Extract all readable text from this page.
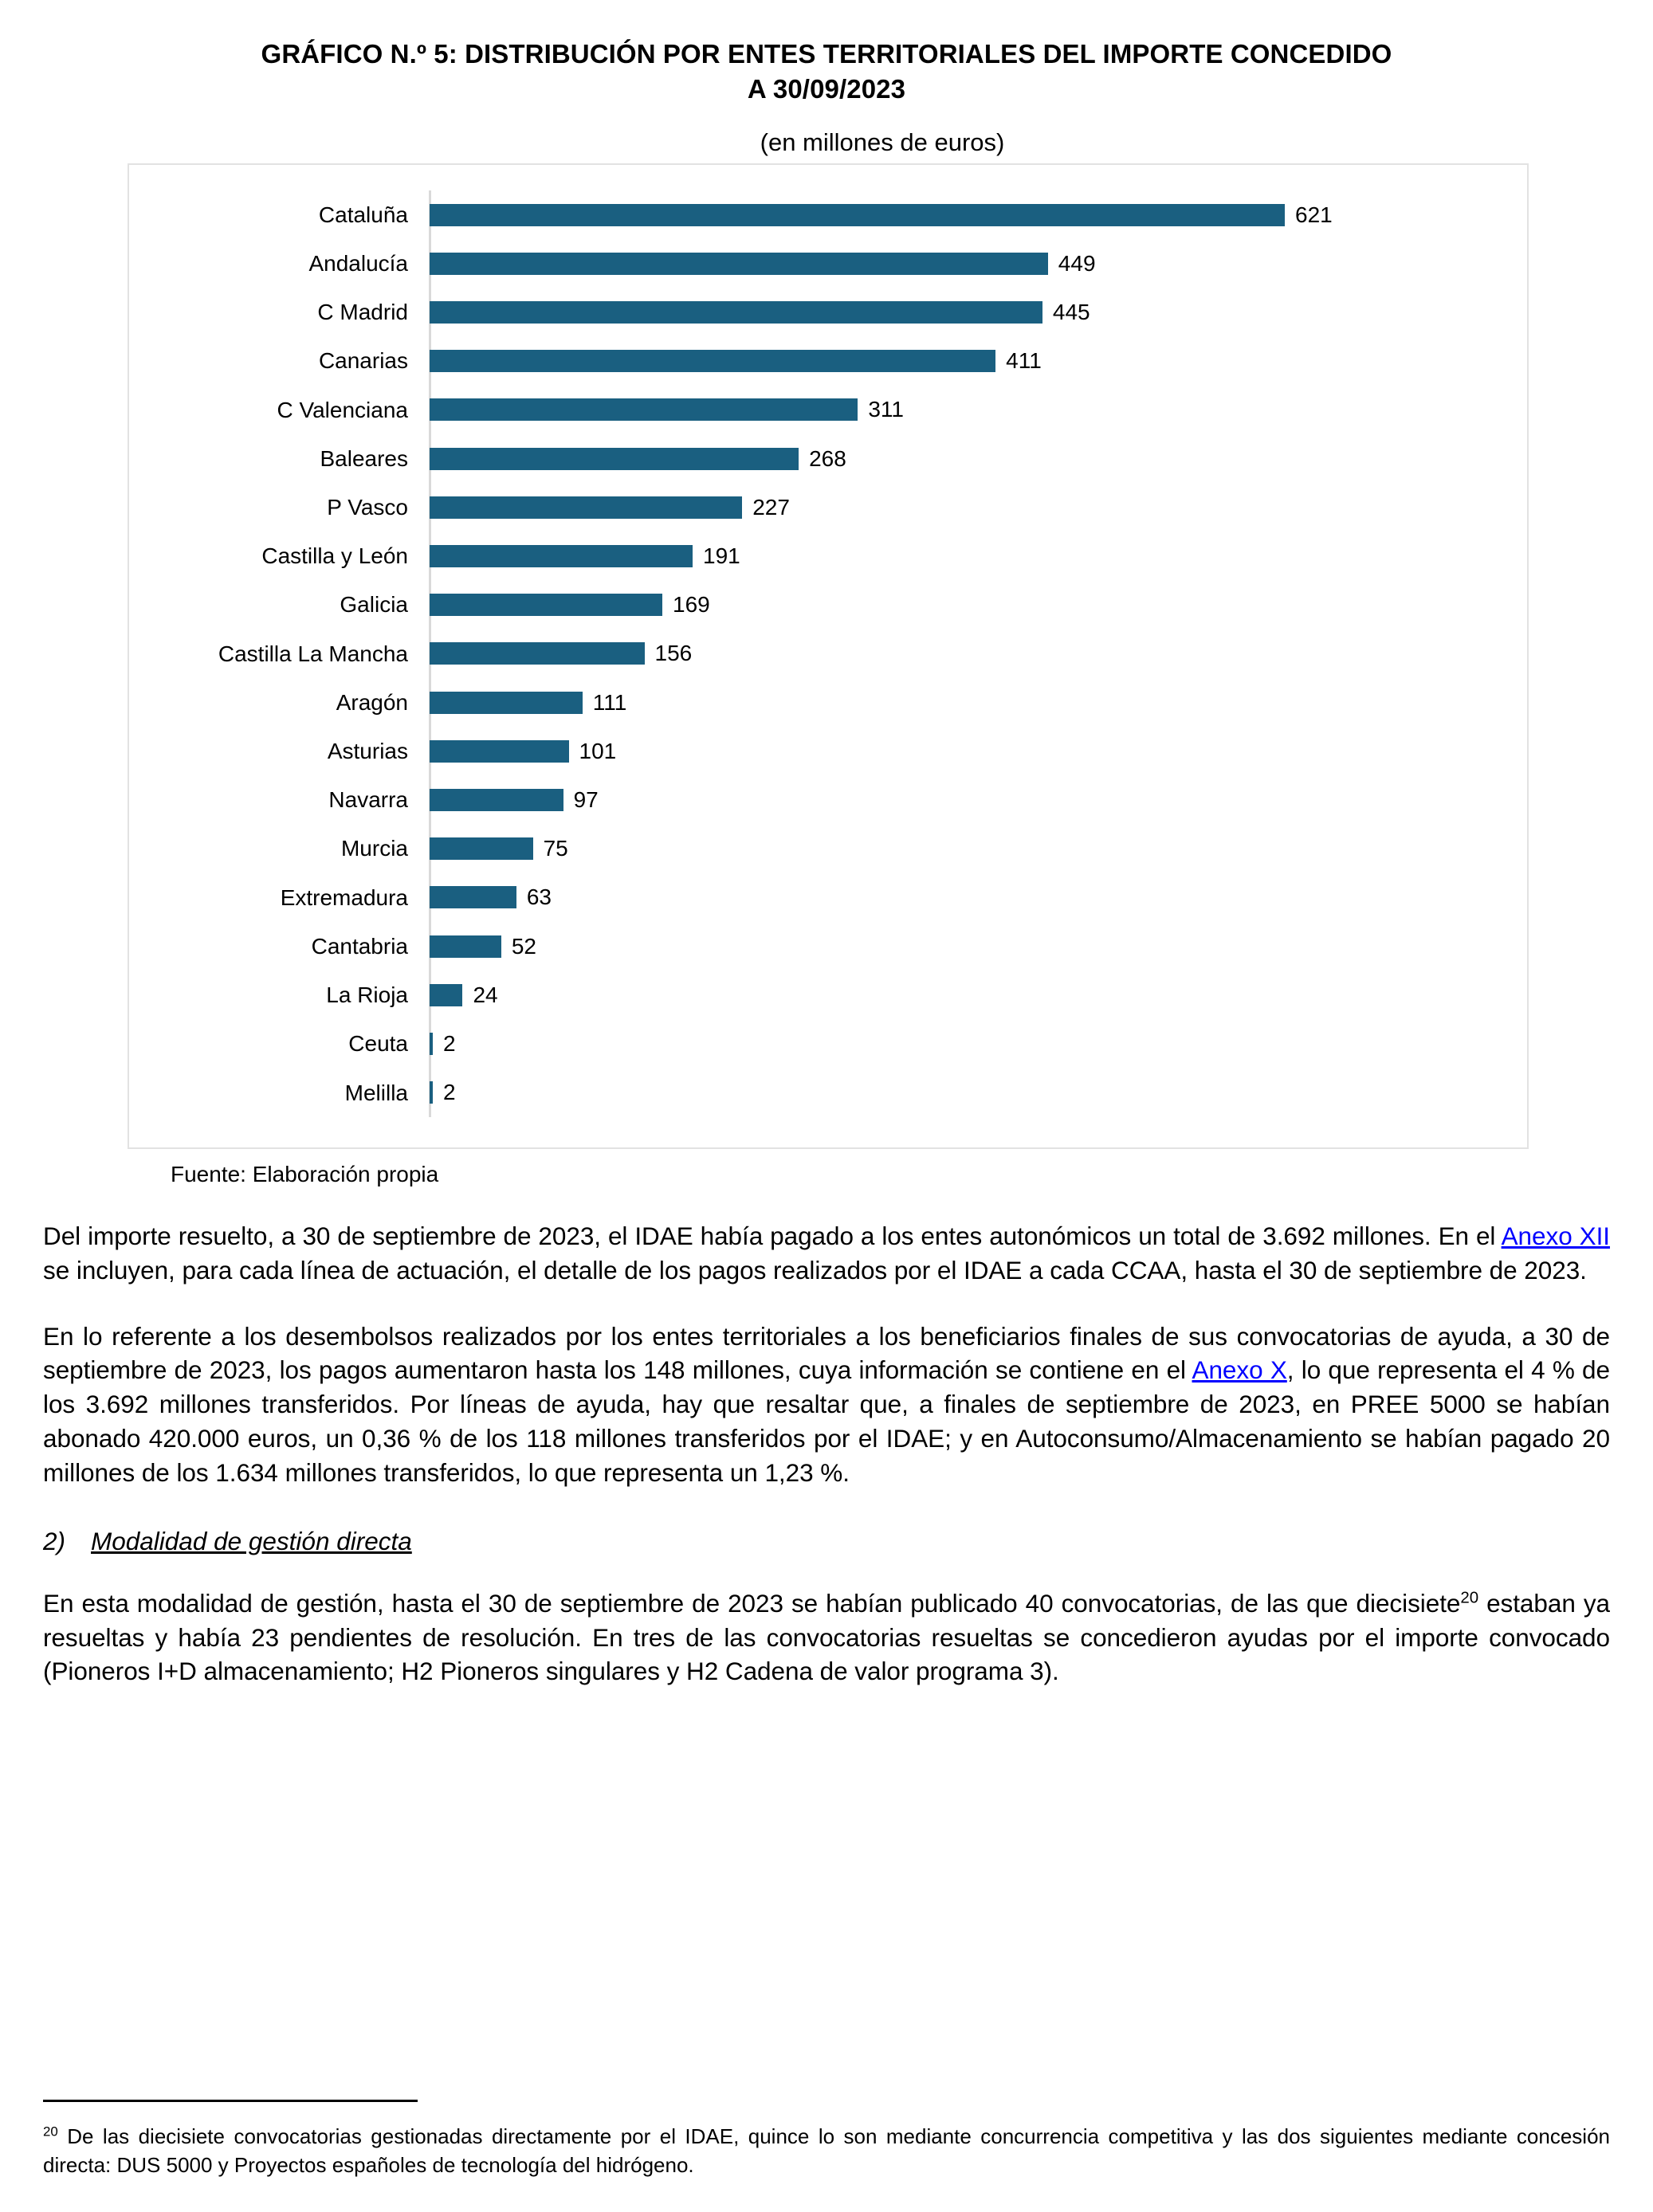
GRÁFICO N.º 5: DISTRIBUCIÓN POR ENTES TERRITORIALES DEL IMPORTE CONCEDIDO
A 30/09/2023
(en millones de euros)
Cataluña	621
Andalucía	449
C Madrid	445
Canarias	411
C Valenciana	311
Baleares	268
P Vasco	227
Castilla y León	191
Galicia	169
Castilla La Mancha	156
Aragón	111
Asturias	101
Navarra	97
Murcia	75
Extremadura	63
Cantabria	52
La Rioja	24
Ceuta	2
Melilla	2
Fuente: Elaboración propia

Del importe resuelto, a 30 de septiembre de 2023, el IDAE había pagado a los entes autonómicos un total de 3.692 millones. En el Anexo XII se incluyen, para cada línea de actuación, el detalle de los pagos realizados por el IDAE a cada CCAA, hasta el 30 de septiembre de 2023.

En lo referente a los desembolsos realizados por los entes territoriales a los beneficiarios finales de sus convocatorias de ayuda, a 30 de septiembre de 2023, los pagos aumentaron hasta los 148 millones, cuya información se contiene en el Anexo X, lo que representa el 4 % de los 3.692 millones transferidos. Por líneas de ayuda, hay que resaltar que, a finales de septiembre de 2023, en PREE 5000 se habían abonado 420.000 euros, un 0,36 % de los 118 millones transferidos por el IDAE; y en Autoconsumo/Almacenamiento se habían pagado 20 millones de los 1.634 millones transferidos, lo que representa un 1,23 %.

2)	Modalidad de gestión directa

En esta modalidad de gestión, hasta el 30 de septiembre de 2023 se habían publicado 40 convocatorias, de las que diecisiete$^{20}$ estaban ya resueltas y había 23 pendientes de resolución. En tres de las convocatorias resueltas se concedieron ayudas por el importe convocado (Pioneros I+D almacenamiento; H2 Pioneros singulares y H2 Cadena de valor programa 3).

$^{20}$ De las diecisiete convocatorias gestionadas directamente por el IDAE, quince lo son mediante concurrencia competitiva y las dos siguientes mediante concesión directa: DUS 5000 y Proyectos españoles de tecnología del hidrógeno.
